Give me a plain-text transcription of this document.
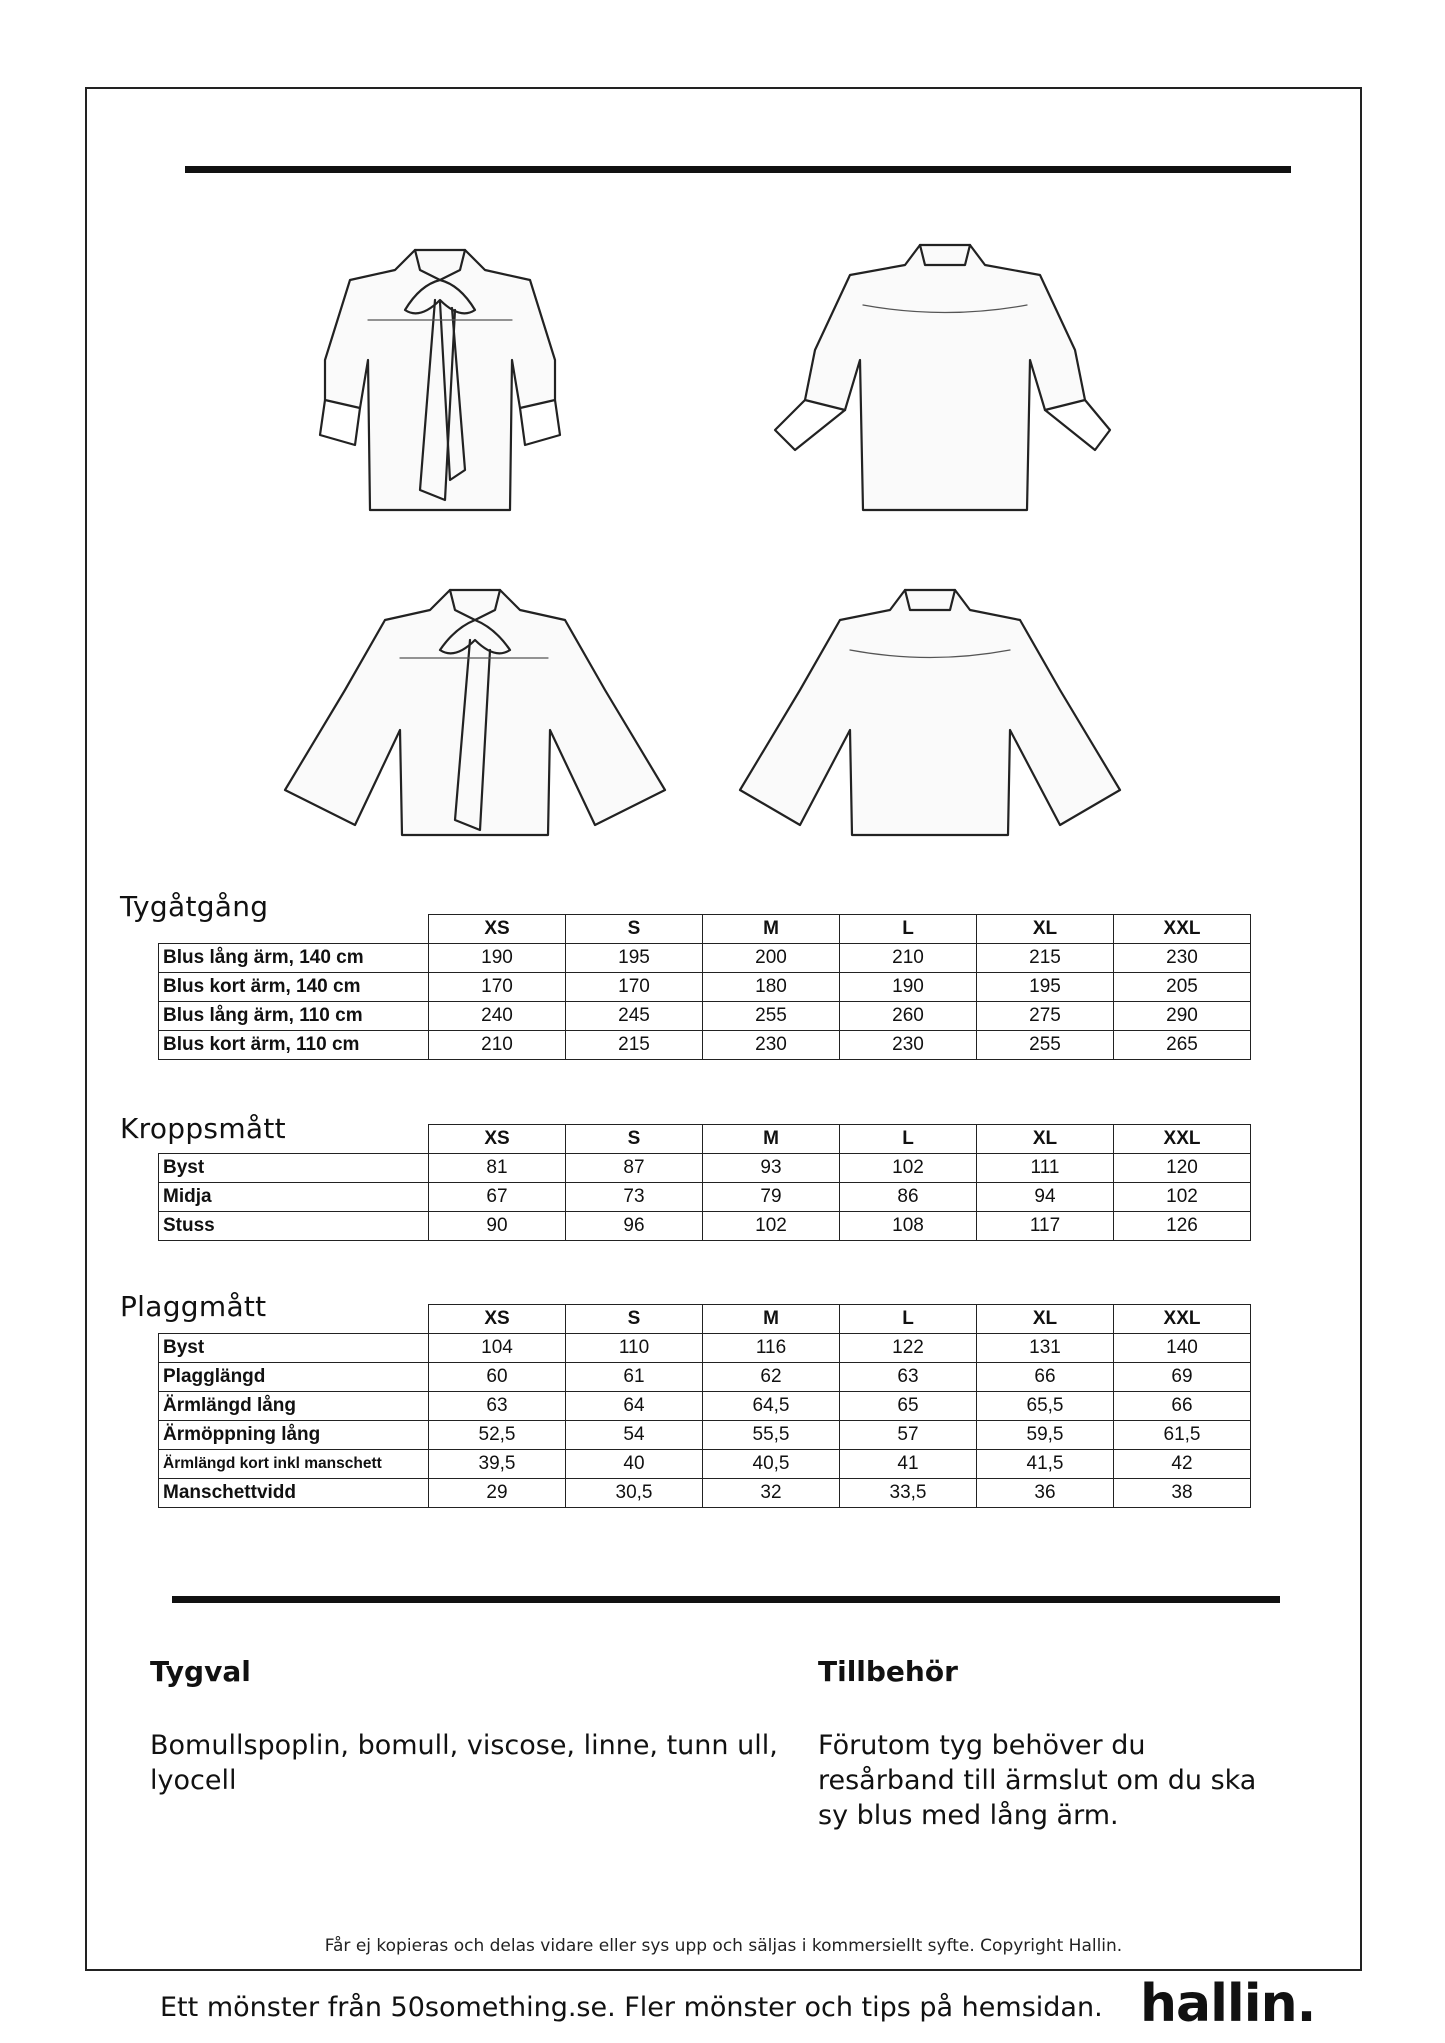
Tygåtgång
	XS	S	M	L	XL	XXL
Blus lång ärm, 140 cm	190	195	200	210	215	230
Blus kort ärm, 140 cm	170	170	180	190	195	205
Blus lång ärm, 110 cm	240	245	255	260	275	290
Blus kort ärm, 110 cm	210	215	230	230	255	265
Kroppsmått
		XS	S	M	L	XL	XXL
Byst	81	87	93	102	111	120
Midja	67	73	79	86	94	102
Stuss	90	96	102	108	117	126
Plaggmått
		XS	S	M	L	XL	XXL
Byst	104	110	116	122	131	140
Plagglängd	60	61	62	63	66	69
Ärmlängd lång	63	64	64,5	65	65,5	66
Ärmöppning lång	52,5	54	55,5	57	59,5	61,5
Ärmlängd kort inkl manschett	39,5	40	40,5	41	41,5	42
Manschettvidd	29	30,5	32	33,5	36	38
Tygval
Bomullspoplin, bomull, viscose, linne, tunn ull, lyocell
Tillbehör
Förutom tyg behöver du resårband till ärmslut om du ska sy blus med lång ärm.
Får ej kopieras och delas vidare eller sys upp och säljas i kommersiellt syfte. Copyright Hallin.
Ett mönster från 50something.se. Fler mönster och tips på hemsidan. hallin.
